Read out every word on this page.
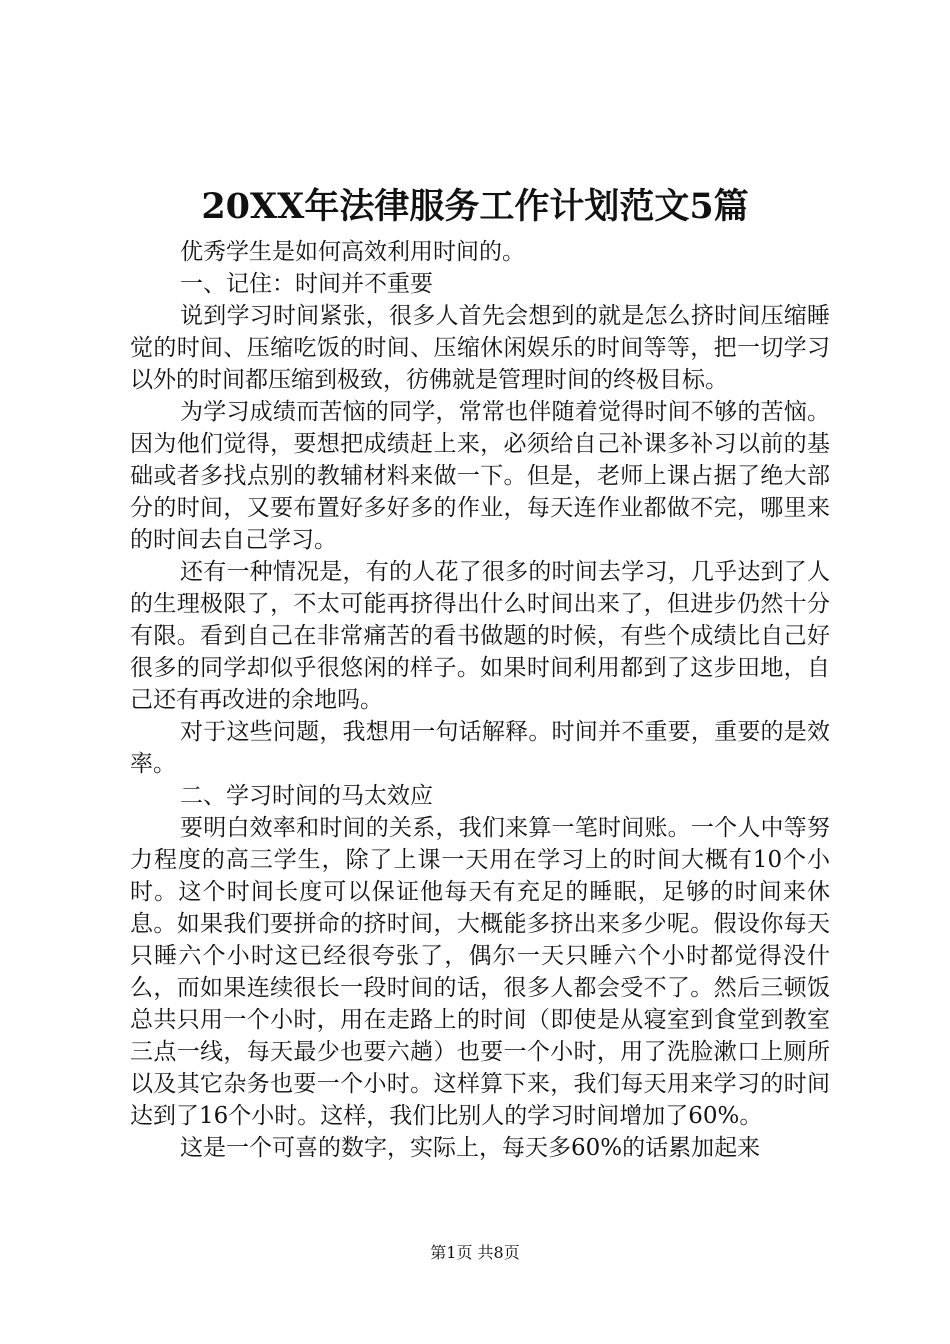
20XX年法律服务工作计划范文5篇

优秀学生是如何高效利用时间的。

一、记住：时间并不重要

说到学习时间紧张，很多人首先会想到的就是怎么挤时间压缩睡觉的时间、压缩吃饭的时间、压缩休闲娱乐的时间等等，把一切学习以外的时间都压缩到极致，彷佛就是管理时间的终极目标。

为学习成绩而苦恼的同学，常常也伴随着觉得时间不够的苦恼。因为他们觉得，要想把成绩赶上来，必须给自己补课多补习以前的基础或者多找点别的教辅材料来做一下。但是，老师上课占据了绝大部分的时间，又要布置好多好多的作业，每天连作业都做不完，哪里来的时间去自己学习。

还有一种情况是，有的人花了很多的时间去学习，几乎达到了人的生理极限了，不太可能再挤得出什么时间出来了，但进步仍然十分有限。看到自己在非常痛苦的看书做题的时候，有些个成绩比自己好很多的同学却似乎很悠闲的样子。如果时间利用都到了这步田地，自己还有再改进的余地吗。

对于这些问题，我想用一句话解释。时间并不重要，重要的是效率。

二、学习时间的马太效应

要明白效率和时间的关系，我们来算一笔时间账。一个人中等努力程度的高三学生，除了上课一天用在学习上的时间大概有10个小时。这个时间长度可以保证他每天有充足的睡眠，足够的时间来休息。如果我们要拼命的挤时间，大概能多挤出来多少呢。假设你每天只睡六个小时这已经很夸张了，偶尔一天只睡六个小时都觉得没什么，而如果连续很长一段时间的话，很多人都会受不了。然后三顿饭总共只用一个小时，用在走路上的时间（即使是从寝室到食堂到教室三点一线，每天最少也要六趟）也要一个小时，用了洗脸漱口上厕所以及其它杂务也要一个小时。这样算下来，我们每天用来学习的时间达到了16个小时。这样，我们比别人的学习时间增加了60%。

这是一个可喜的数字，实际上，每天多60%的话累加起来

第1页 共8页
